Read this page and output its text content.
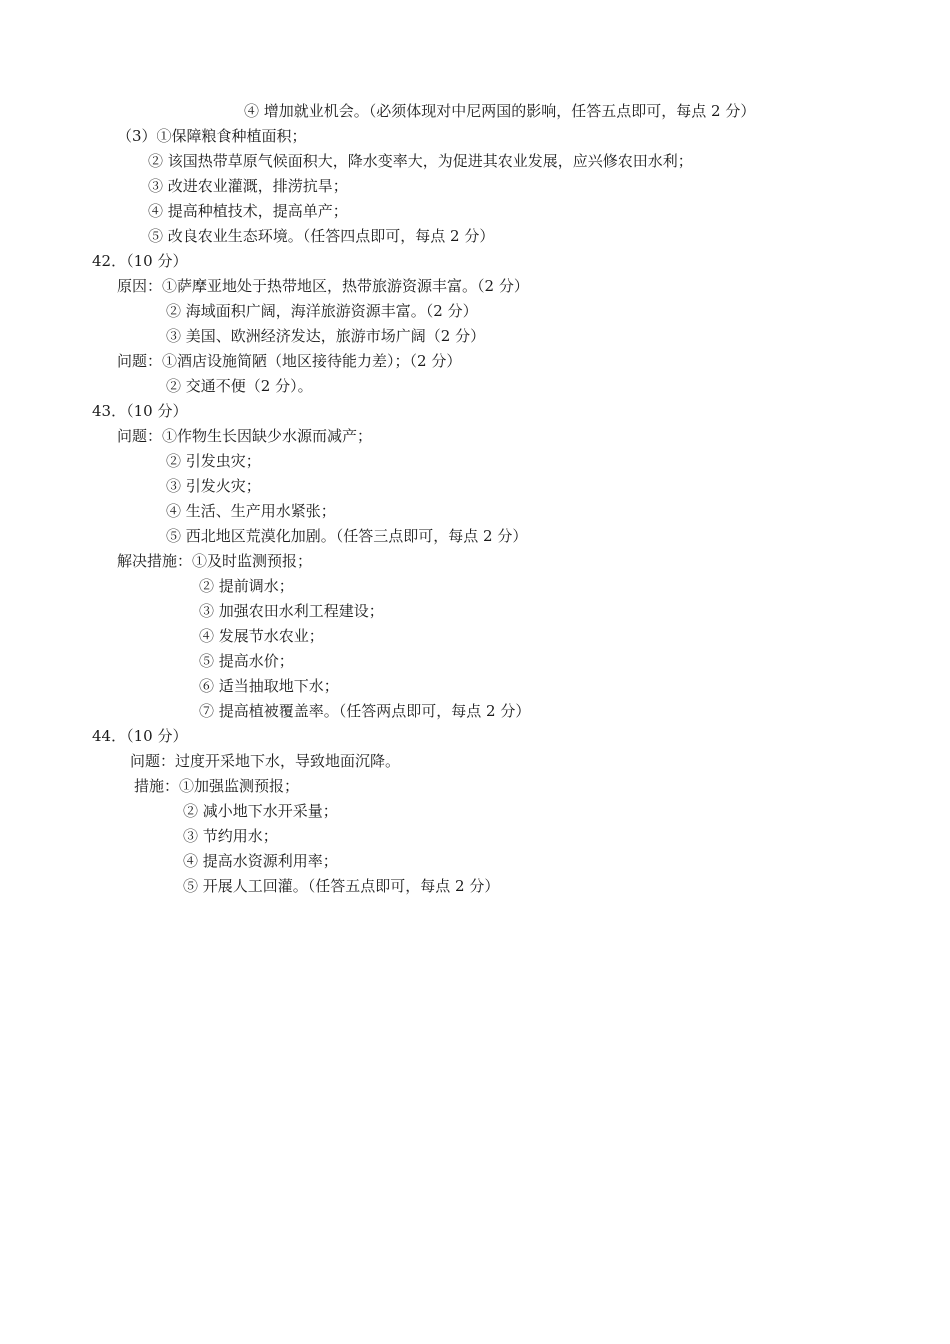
④ 增加就业机会。（必须体现对中尼两国的影响，任答五点即可，每点 2 分）
（3）①保障粮食种植面积；
② 该国热带草原气候面积大，降水变率大，为促进其农业发展，应兴修农田水利；
③ 改进农业灌溉，排涝抗旱；
④ 提高种植技术，提高单产；
⑤ 改良农业生态环境。（任答四点即可，每点 2 分）
42．（10 分）
原因：①萨摩亚地处于热带地区，热带旅游资源丰富。（2 分）
② 海域面积广阔，海洋旅游资源丰富。（2 分）
③ 美国、欧洲经济发达，旅游市场广阔（2 分）
问题：①酒店设施简陋（地区接待能力差）；（2 分）
② 交通不便（2 分）。
43．（10 分）
问题：①作物生长因缺少水源而减产；
② 引发虫灾；
③ 引发火灾；
④ 生活、生产用水紧张；
⑤ 西北地区荒漠化加剧。（任答三点即可，每点 2 分）
解决措施：①及时监测预报；
② 提前调水；
③ 加强农田水利工程建设；
④ 发展节水农业；
⑤ 提高水价；
⑥ 适当抽取地下水；
⑦ 提高植被覆盖率。（任答两点即可，每点 2 分）
44．（10 分）
问题：过度开采地下水，导致地面沉降。
措施：①加强监测预报；
② 减小地下水开采量；
③ 节约用水；
④ 提高水资源利用率；
⑤ 开展人工回灌。（任答五点即可，每点 2 分）
